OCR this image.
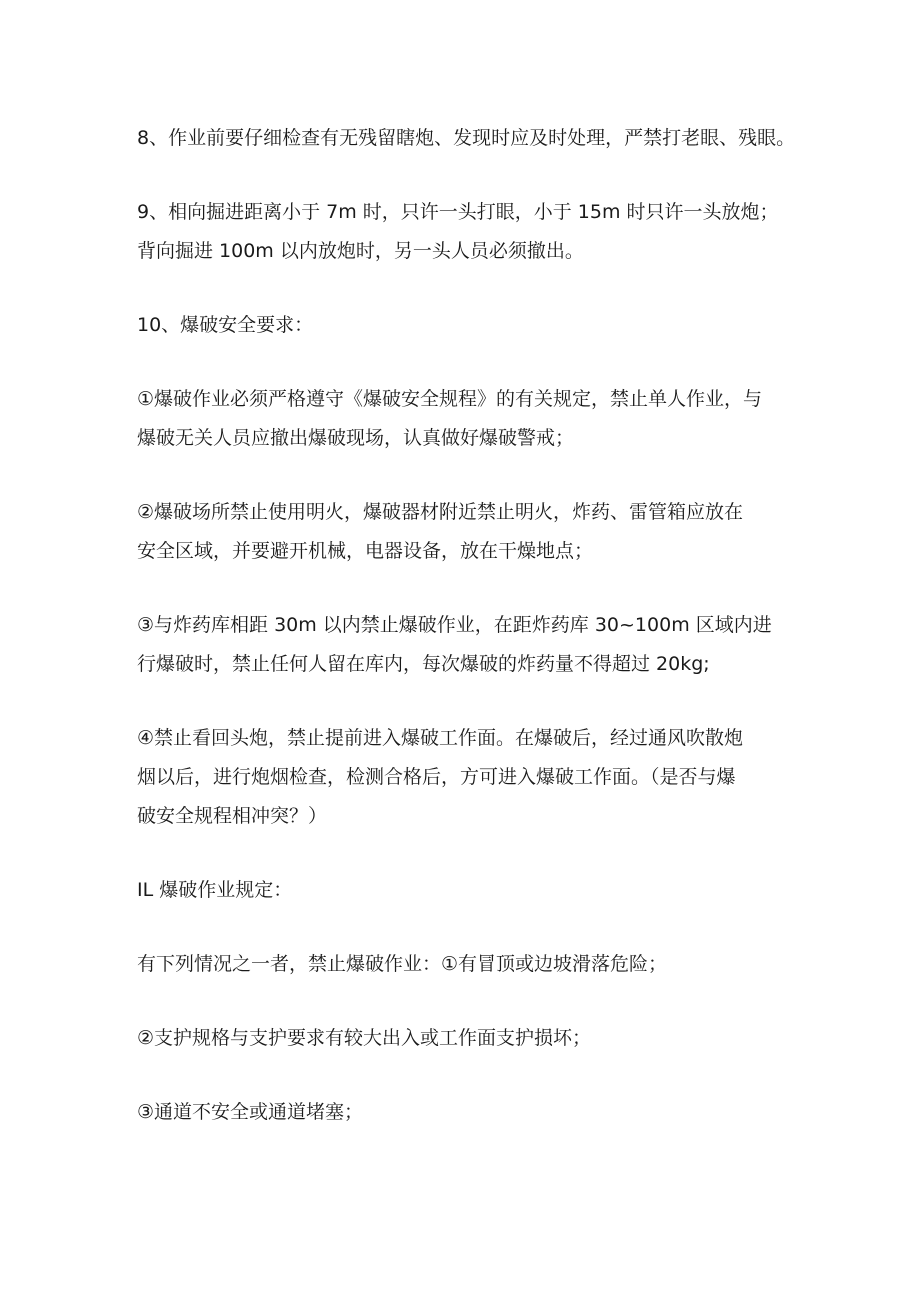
8、作业前要仔细检查有无残留瞎炮、发现时应及时处理，严禁打老眼、残眼。

9、相向掘进距离小于 7m 时，只许一头打眼，小于 15m 时只许一头放炮；
背向掘进 100m 以内放炮时，另一头人员必须撤出。

10、爆破安全要求：

①爆破作业必须严格遵守《爆破安全规程》的有关规定，禁止单人作业，与
爆破无关人员应撤出爆破现场，认真做好爆破警戒；

②爆破场所禁止使用明火，爆破器材附近禁止明火，炸药、雷管箱应放在
安全区域，并要避开机械，电器设备，放在干燥地点；

③与炸药库相距 30m 以内禁止爆破作业，在距炸药库 30~100m 区域内进
行爆破时，禁止任何人留在库内，每次爆破的炸药量不得超过 20kg;

④禁止看回头炮，禁止提前进入爆破工作面。在爆破后，经过通风吹散炮
烟以后，进行炮烟检查，检测合格后，方可进入爆破工作面。（是否与爆
破安全规程相冲突？）

IL 爆破作业规定：

有下列情况之一者，禁止爆破作业：①有冒顶或边坡滑落危险；

②支护规格与支护要求有较大出入或工作面支护损坏；

③通道不安全或通道堵塞；
